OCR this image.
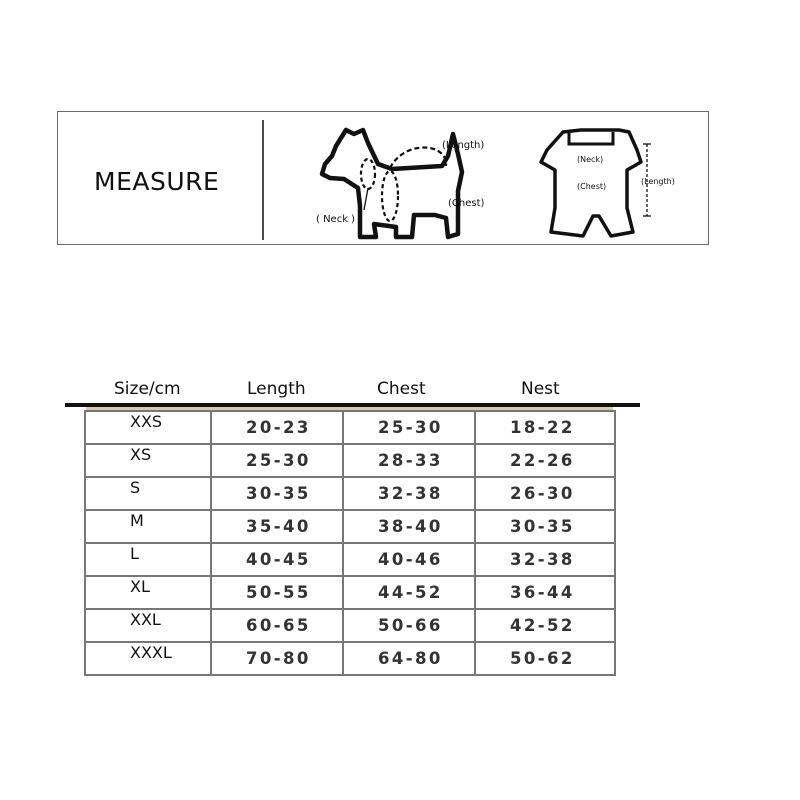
MEASURE
(Length)
( Neck )
(Chest)
(Neck)
(Chest)
(Length)
Size/cm	Length	Chest	Nest
XXS	20-23	25-30	18-22
XS	25-30	28-33	22-26
S	30-35	32-38	26-30
M	35-40	38-40	30-35
L	40-45	40-46	32-38
XL	50-55	44-52	36-44
XXL	60-65	50-66	42-52
XXXL	70-80	64-80	50-62
